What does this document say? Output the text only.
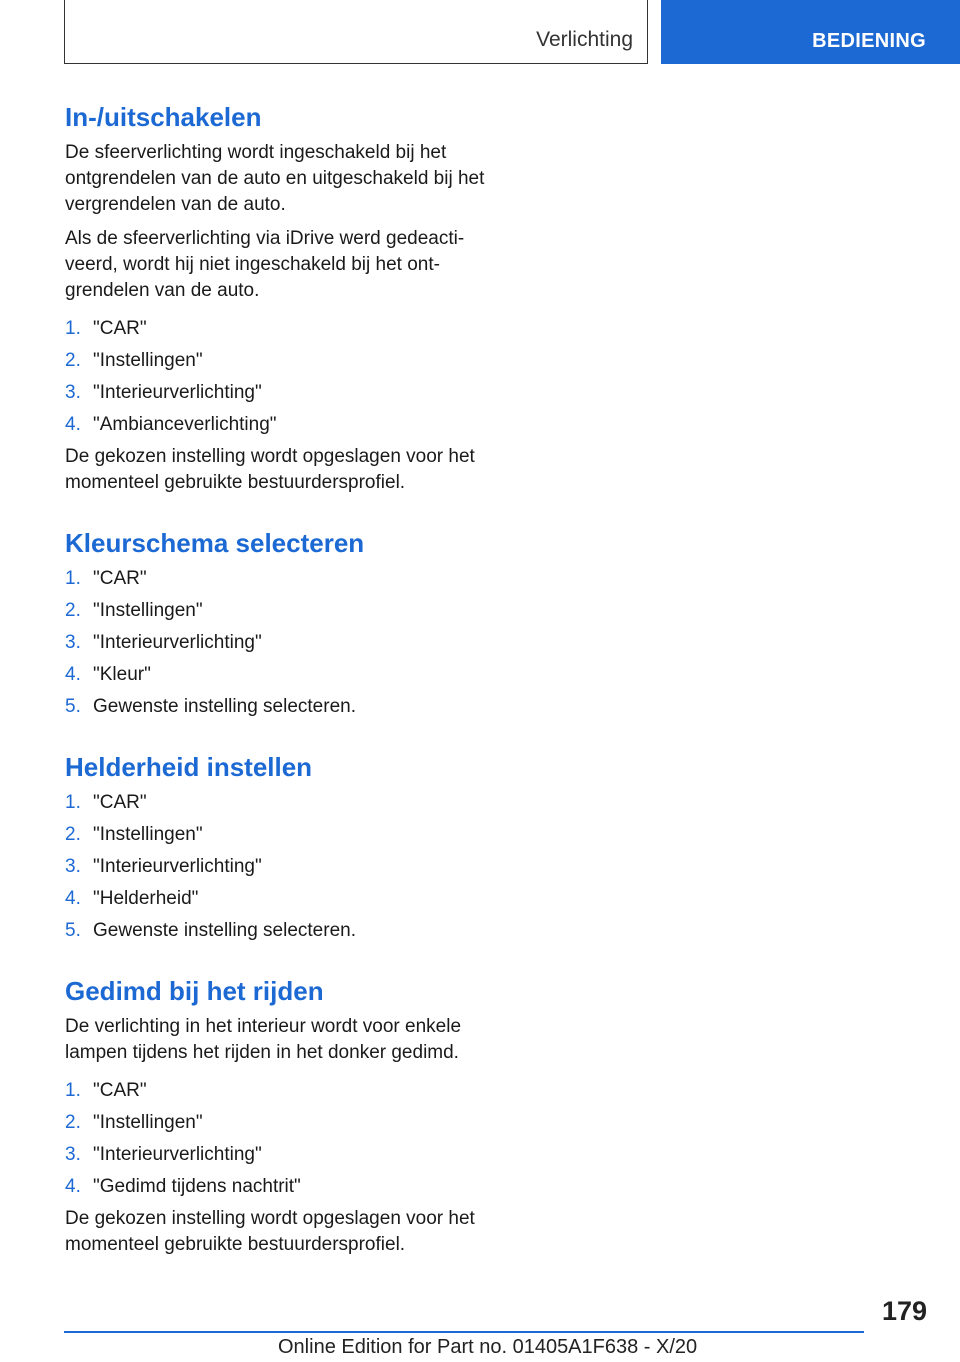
Verlichting	BEDIENING
In-/uitschakelen

De sfeerverlichting wordt ingeschakeld bij het ontgrendelen van de auto en uitgeschakeld bij het vergrendelen van de auto.

Als de sfeerverlichting via iDrive werd gedeactiveerd, wordt hij niet ingeschakeld bij het ontgrendelen van de auto.

1. "CAR"
2. "Instellingen"
3. "Interieurverlichting"
4. "Ambianceverlichting"

De gekozen instelling wordt opgeslagen voor het momenteel gebruikte bestuurdersprofiel.

Kleurschema selecteren
1. "CAR"
2. "Instellingen"
3. "Interieurverlichting"
4. "Kleur"
5. Gewenste instelling selecteren.
Helderheid instellen
1. "CAR"
2. "Instellingen"
3. "Interieurverlichting"
4. "Helderheid"
5. Gewenste instelling selecteren.
Gedimd bij het rijden

De verlichting in het interieur wordt voor enkele lampen tijdens het rijden in het donker gedimd.

1. "CAR"
2. "Instellingen"
3. "Interieurverlichting"
4. "Gedimd tijdens nachtrit"

De gekozen instelling wordt opgeslagen voor het momenteel gebruikte bestuurdersprofiel.

179
Online Edition for Part no. 01405A1F638 - X/20
